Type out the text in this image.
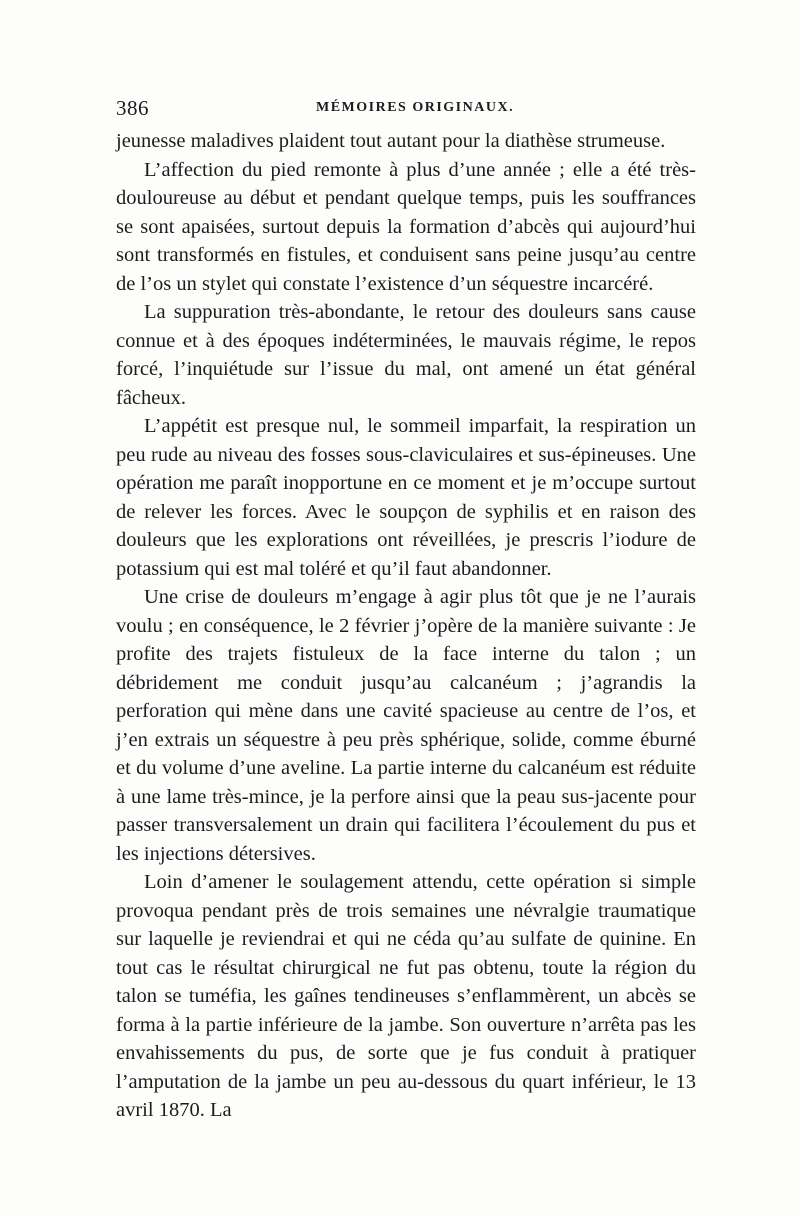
386	MÉMOIRES ORIGINAUX.

jeunesse maladives plaident tout autant pour la diathèse strumeuse.

L’affection du pied remonte à plus d’une année ; elle a été très-douloureuse au début et pendant quelque temps, puis les souffrances se sont apaisées, surtout depuis la formation d’abcès qui aujourd’hui sont transformés en fistules, et conduisent sans peine jusqu’au centre de l’os un stylet qui constate l’existence d’un séquestre incarcéré.

La suppuration très-abondante, le retour des douleurs sans cause connue et à des époques indéterminées, le mauvais régime, le repos forcé, l’inquiétude sur l’issue du mal, ont amené un état général fâcheux.

L’appétit est presque nul, le sommeil imparfait, la respiration un peu rude au niveau des fosses sous-claviculaires et sus-épineuses. Une opération me paraît inopportune en ce moment et je m’occupe surtout de relever les forces. Avec le soupçon de syphilis et en raison des douleurs que les explorations ont réveillées, je prescris l’iodure de potassium qui est mal toléré et qu’il faut abandonner.

Une crise de douleurs m’engage à agir plus tôt que je ne l’aurais voulu ; en conséquence, le 2 février j’opère de la manière suivante : Je profite des trajets fistuleux de la face interne du talon ; un débridement me conduit jusqu’au calcanéum ; j’agrandis la perforation qui mène dans une cavité spacieuse au centre de l’os, et j’en extrais un séquestre à peu près sphérique, solide, comme éburné et du volume d’une aveline. La partie interne du calcanéum est réduite à une lame très-mince, je la perfore ainsi que la peau sus-jacente pour passer transversalement un drain qui facilitera l’écoulement du pus et les injections détersives.

Loin d’amener le soulagement attendu, cette opération si simple provoqua pendant près de trois semaines une névralgie traumatique sur laquelle je reviendrai et qui ne céda qu’au sulfate de quinine. En tout cas le résultat chirurgical ne fut pas obtenu, toute la région du talon se tuméfia, les gaînes tendineuses s’enflammèrent, un abcès se forma à la partie inférieure de la jambe. Son ouverture n’arrêta pas les envahissements du pus, de sorte que je fus conduit à pratiquer l’amputation de la jambe un peu au-dessous du quart inférieur, le 13 avril 1870. La
